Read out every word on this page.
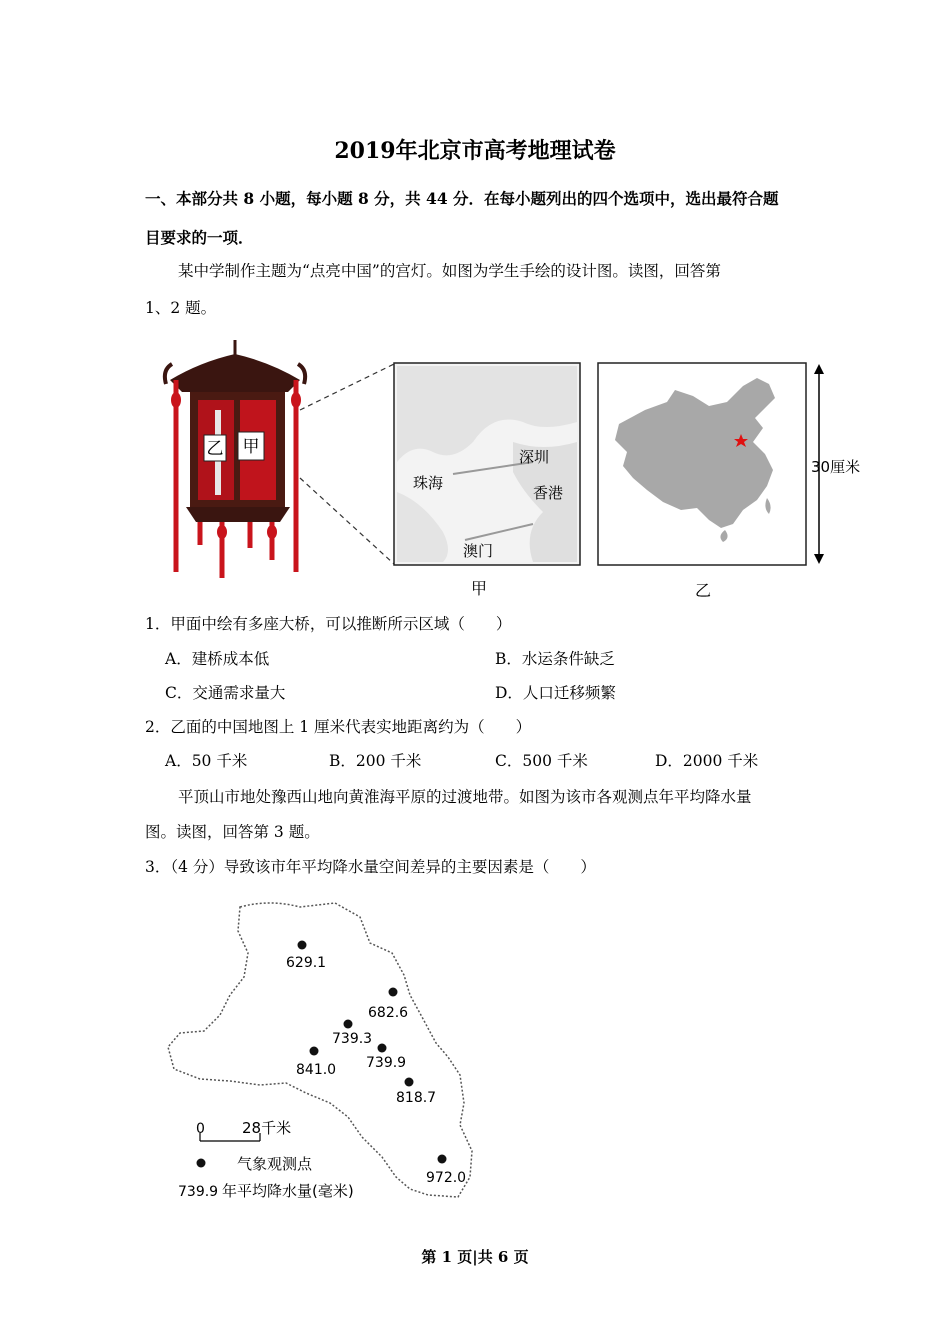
2019年北京市高考地理试卷
一、本部分共 8 小题，每小题 8 分，共 44 分．在每小题列出的四个选项中，选出最符合题
目要求的一项．
某中学制作主题为“点亮中国”的宫灯。如图为学生手绘的设计图。读图，回答第
1、2 题。
乙 甲	深圳
珠海
香港
澳门
甲
30厘米
乙
1．甲面中绘有多座大桥，可以推断所示区域（　　）
A．建桥成本低	B．水运条件缺乏
C．交通需求量大	D．人口迁移频繁
2．乙面的中国地图上 1 厘米代表实地距离约为（　　）
A．50 千米	B．200 千米	C．500 千米	D．2000 千米
平顶山市地处豫西山地向黄淮海平原的过渡地带。如图为该市各观测点年平均降水量
图。读图，回答第 3 题。
3．（4 分）导致该市年平均降水量空间差异的主要因素是（　　）
629.1
682.6
739.3
739.9
841.0
818.7
972.0
0 28千米
气象观测点
739.9 年平均降水量(毫米)
第 1 页|共 6 页
